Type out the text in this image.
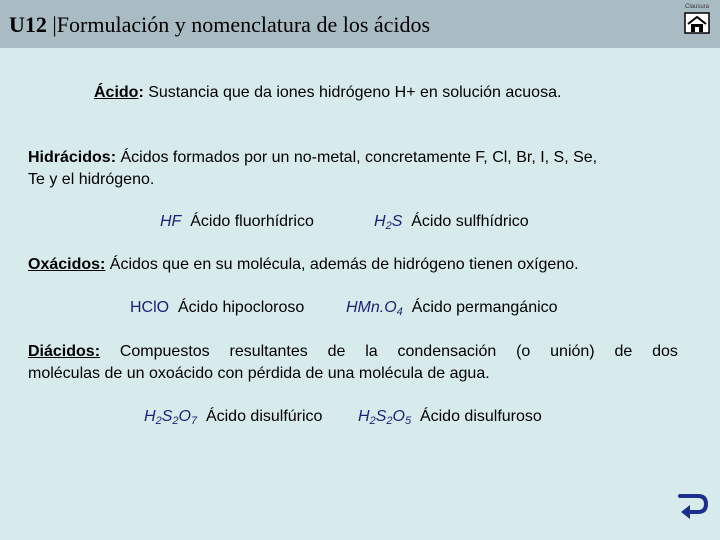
U12 |Formulación y nomenclatura de los ácidos
Clausura
Ácido: Sustancia que da iones hidrógeno H+ en solución acuosa.
Hidrácidos: Ácidos formados por un no-metal, concretamente F, Cl, Br, I, S, Se,
Te y el hidrógeno.
HF Ácido fluorhídrico	$H_2S$ Ácido sulfhídrico
Oxácidos: Ácidos que en su molécula, además de hidrógeno tienen oxígeno.
HClO Ácido hipocloroso	$HMn.O_4$ Ácido permangánico
Diácidos: Compuestos resultantes de la condensación (o unión) de dos
moléculas de un oxoácido con pérdida de una molécula de agua.
$H_2S_2O_7$ Ácido disulfúrico $H_2S_2O_5$ Ácido disulfuroso
